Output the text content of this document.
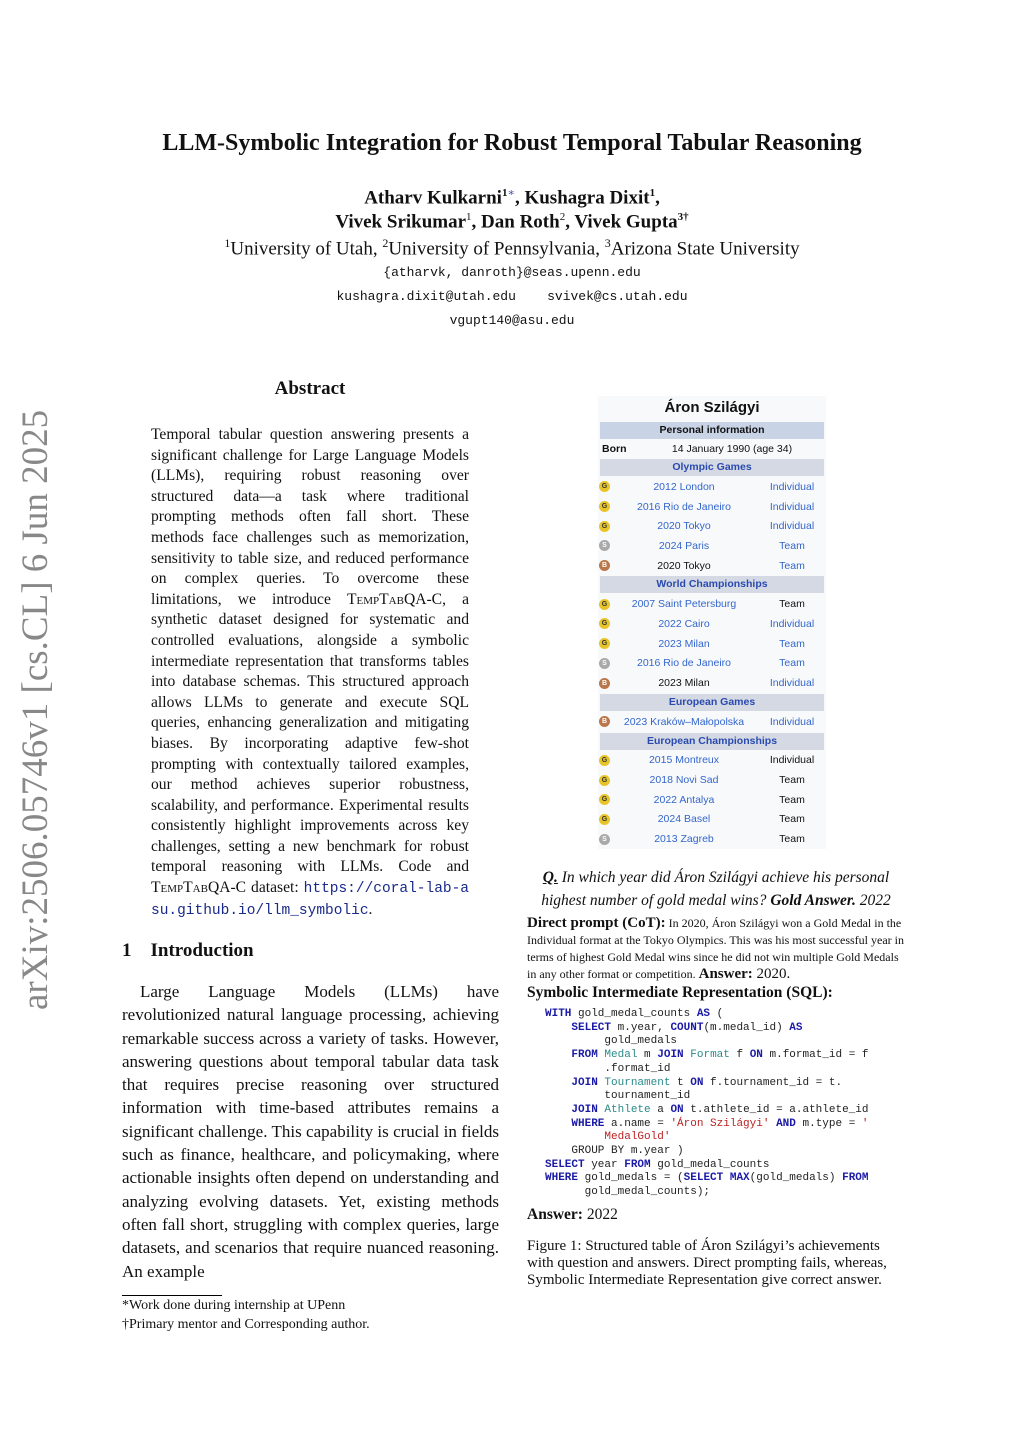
LLM-Symbolic Integration for Robust Temporal Tabular Reasoning
Atharv Kulkarni$^{1∗}$, Kushagra Dixit$^1$,
Vivek Srikumar$^1$, Dan Roth$^2$, Vivek Gupta$^{3\dagger}$
$^1$University of Utah, $^2$University of Pennsylvania, $^3$Arizona State University
{atharvk, danroth}@seas.upenn.edu
kushagra.dixit@utah.edu    svivek@cs.utah.edu
vgupt140@asu.edu
arXiv:2506.05746v1 [cs.CL] 6 Jun 2025
Abstract
Temporal tabular question answering presents a significant challenge for Large Language Models (LLMs), requiring robust reasoning over structured data—a task where traditional prompting methods often fall short. These methods face challenges such as memorization, sensitivity to table size, and reduced performance on complex queries. To overcome these limitations, we introduce TempTabQA-C, a synthetic dataset designed for systematic and controlled evaluations, alongside a symbolic intermediate representation that transforms tables into database schemas. This structured approach allows LLMs to generate and execute SQL queries, enhancing generalization and mitigating biases. By incorporating adaptive few-shot prompting with contextually tailored examples, our method achieves superior robustness, scalability, and performance. Experimental results consistently highlight improvements across key challenges, setting a new benchmark for robust temporal reasoning with LLMs. Code and TempTabQA-C dataset: https://coral-lab-asu.github.io/llm_symbolic.
1    Introduction
Large Language Models (LLMs) have revolutionized natural language processing, achieving remarkable success across a variety of tasks. However, answering questions about temporal tabular data task that requires precise reasoning over structured information with time-based attributes remains a significant challenge. This capability is crucial in fields such as finance, healthcare, and policymaking, where actionable insights often depend on understanding and analyzing evolving datasets. Yet, existing methods often fall short, struggling with complex queries, large datasets, and scenarios that require nuanced reasoning. An example
*Work done during internship at UPenn
†Primary mentor and Corresponding author.
Áron Szilágyi
Personal information
Born	14 January 1990 (age 34)
Olympic Games
G	2012 London	Individual
G	2016 Rio de Janeiro	Individual
G	2020 Tokyo	Individual
S	2024 Paris	Team
B	2020 Tokyo	Team
World Championships
G	2007 Saint Petersburg	Team
G	2022 Cairo	Individual
G	2023 Milan	Team
S	2016 Rio de Janeiro	Team
B	2023 Milan	Individual
European Games
B	2023 Kraków–Małopolska	Individual
European Championships
G	2015 Montreux	Individual
G	2018 Novi Sad	Team
G	2022 Antalya	Team
G	2024 Basel	Team
S	2013 Zagreb	Team
Q. In which year did Áron Szilágyi achieve his personal highest number of gold medal wins? Gold Answer. 2022
Direct prompt (CoT): In 2020, Áron Szilágyi won a Gold Medal in the Individual format at the Tokyo Olympics. This was his most successful year in terms of highest Gold Medal wins since he did not win multiple Gold Medals in any other format or competition. Answer: 2020.
Symbolic Intermediate Representation (SQL):
WITH gold_medal_counts AS (
SELECT m.year, COUNT(m.medal_id) AS
gold_medals
FROM Medal m JOIN Format f ON m.format_id = f
.format_id
JOIN Tournament t ON f.tournament_id = t.
tournament_id
JOIN Athlete a ON t.athlete_id = a.athlete_id
WHERE a.name = 'Áron Szilágyi' AND m.type = '
MedalGold'
GROUP BY m.year )
SELECT year FROM gold_medal_counts
WHERE gold_medals = (SELECT MAX(gold_medals) FROM
gold_medal_counts);
Answer: 2022
Figure 1: Structured table of Áron Szilágyi’s achievements with question and answers. Direct prompting fails, whereas, Symbolic Intermediate Representation give correct answer.
